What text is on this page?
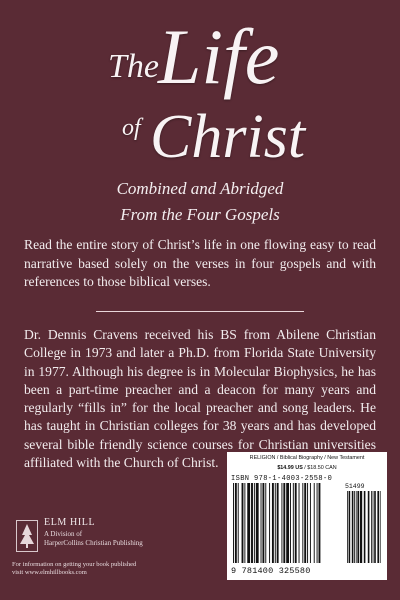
The Life
of Christ
Combined and Abridged
From the Four Gospels
Read the entire story of Christ’s life in one flowing easy to read narrative based solely on the verses in four gospels and with references to those biblical verses.
Dr. Dennis Cravens received his BS from Abilene Christian College in 1973 and later a Ph.D. from Florida State University in 1977. Although his degree is in Molecular Biophysics, he has been a part-time preacher and a deacon for many years and regularly “fills in” for the local preacher and song leaders. He has taught in Christian colleges for 38 years and has developed several bible friendly science courses for Christian universities affiliated with the Church of Christ.
ELM HILL
A Division of
HarperCollins Christian Publishing
For information on getting your book published
visit www.elmhillbooks.com
RELIGION / Biblical Biography / New Testament
$14.99 US / $18.50 CAN
ISBN 978-1-4003-2558-0
51499
9 781400 325580
